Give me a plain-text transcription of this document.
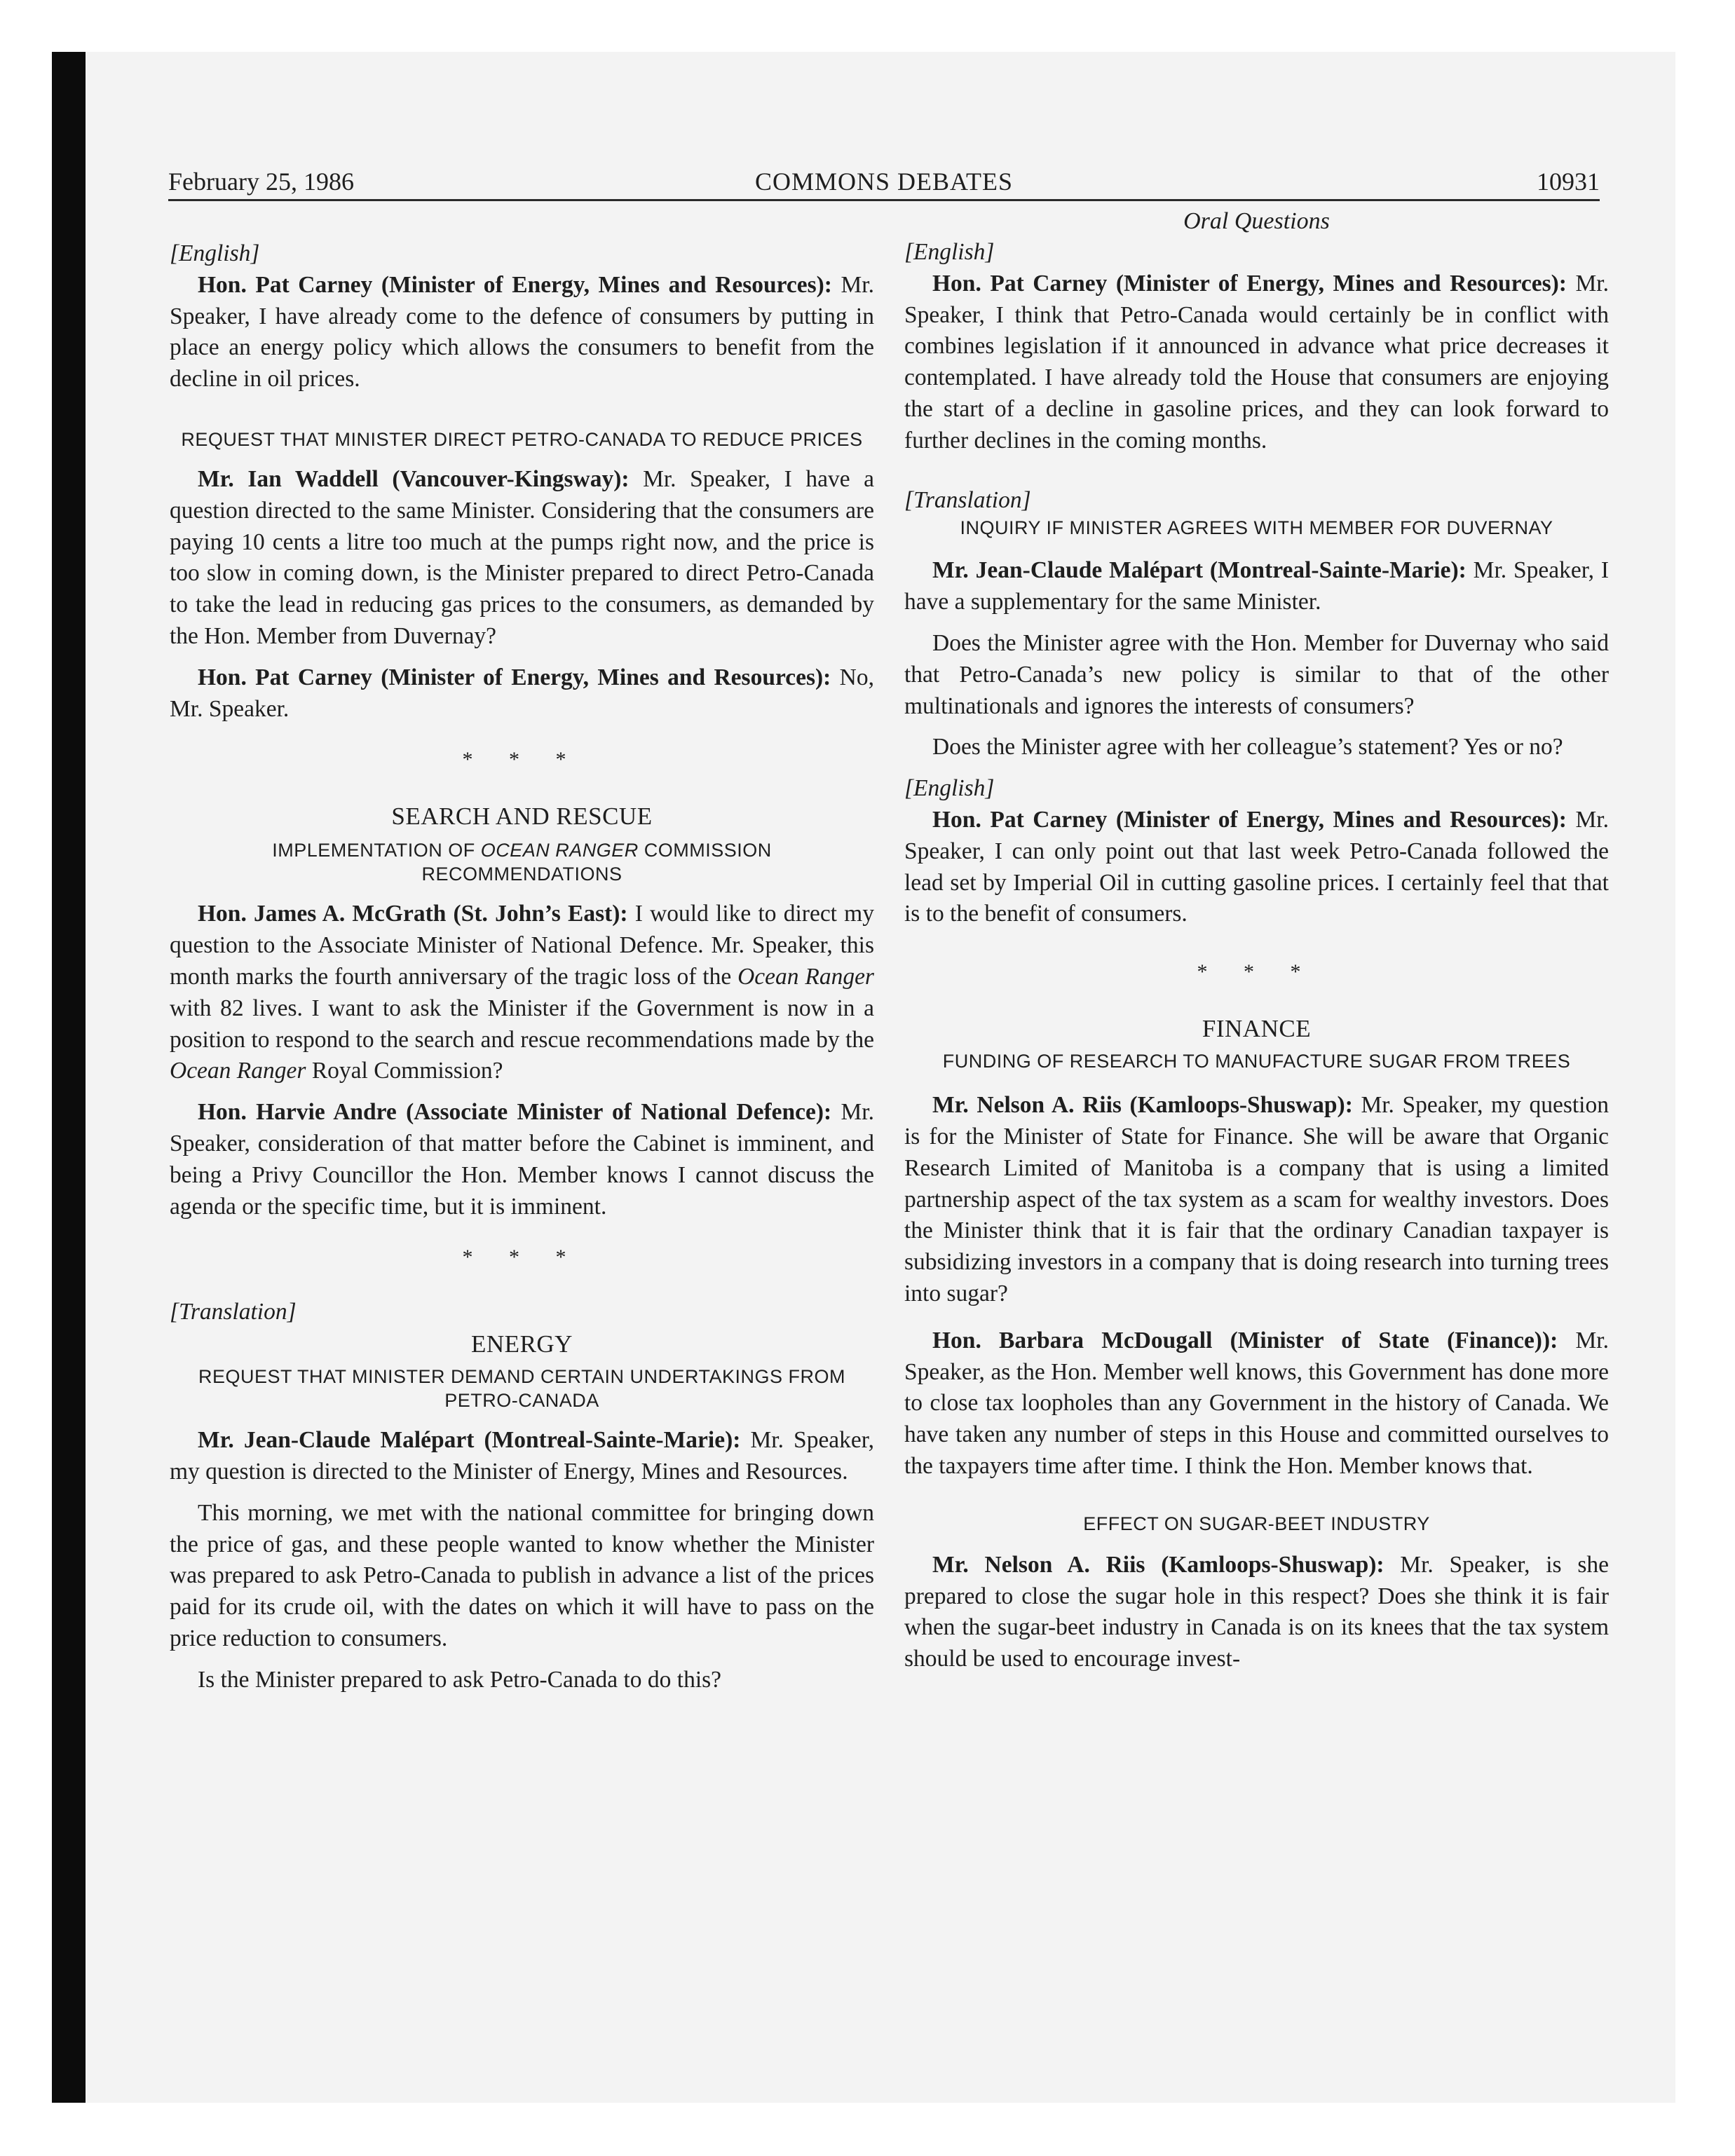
February 25, 1986	COMMONS DEBATES	10931

[English]

Hon. Pat Carney (Minister of Energy, Mines and Resources): Mr. Speaker, I have already come to the defence of consumers by putting in place an energy policy which allows the consumers to benefit from the decline in oil prices.

REQUEST THAT MINISTER DIRECT PETRO-CANADA TO REDUCE PRICES

Mr. Ian Waddell (Vancouver-Kingsway): Mr. Speaker, I have a question directed to the same Minister. Considering that the consumers are paying 10 cents a litre too much at the pumps right now, and the price is too slow in coming down, is the Minister prepared to direct Petro-Canada to take the lead in reducing gas prices to the consumers, as demanded by the Hon. Member from Duvernay?

Hon. Pat Carney (Minister of Energy, Mines and Resources): No, Mr. Speaker.

* * *

SEARCH AND RESCUE

IMPLEMENTATION OF OCEAN RANGER COMMISSION RECOMMENDATIONS

Hon. James A. McGrath (St. John’s East): I would like to direct my question to the Associate Minister of National Defence. Mr. Speaker, this month marks the fourth anniversary of the tragic loss of the Ocean Ranger with 82 lives. I want to ask the Minister if the Government is now in a position to respond to the search and rescue recommendations made by the Ocean Ranger Royal Commission?

Hon. Harvie Andre (Associate Minister of National Defence): Mr. Speaker, consideration of that matter before the Cabinet is imminent, and being a Privy Councillor the Hon. Member knows I cannot discuss the agenda or the specific time, but it is imminent.

* * *

[Translation]

ENERGY

REQUEST THAT MINISTER DEMAND CERTAIN UNDERTAKINGS FROM PETRO-CANADA

Mr. Jean-Claude Malépart (Montreal-Sainte-Marie): Mr. Speaker, my question is directed to the Minister of Energy, Mines and Resources.

This morning, we met with the national committee for bringing down the price of gas, and these people wanted to know whether the Minister was prepared to ask Petro-Canada to publish in advance a list of the prices paid for its crude oil, with the dates on which it will have to pass on the price reduction to consumers.

Is the Minister prepared to ask Petro-Canada to do this?

Oral Questions

[English]

Hon. Pat Carney (Minister of Energy, Mines and Resources): Mr. Speaker, I think that Petro-Canada would certainly be in conflict with combines legislation if it announced in advance what price decreases it contemplated. I have already told the House that consumers are enjoying the start of a decline in gasoline prices, and they can look forward to further declines in the coming months.

[Translation]

INQUIRY IF MINISTER AGREES WITH MEMBER FOR DUVERNAY

Mr. Jean-Claude Malépart (Montreal-Sainte-Marie): Mr. Speaker, I have a supplementary for the same Minister.

Does the Minister agree with the Hon. Member for Duvernay who said that Petro-Canada’s new policy is similar to that of the other multinationals and ignores the interests of consumers?

Does the Minister agree with her colleague’s statement? Yes or no?

[English]

Hon. Pat Carney (Minister of Energy, Mines and Resources): Mr. Speaker, I can only point out that last week Petro-Canada followed the lead set by Imperial Oil in cutting gasoline prices. I certainly feel that that is to the benefit of consumers.

* * *

FINANCE

FUNDING OF RESEARCH TO MANUFACTURE SUGAR FROM TREES

Mr. Nelson A. Riis (Kamloops-Shuswap): Mr. Speaker, my question is for the Minister of State for Finance. She will be aware that Organic Research Limited of Manitoba is a company that is using a limited partnership aspect of the tax system as a scam for wealthy investors. Does the Minister think that it is fair that the ordinary Canadian taxpayer is subsidizing investors in a company that is doing research into turning trees into sugar?

Hon. Barbara McDougall (Minister of State (Finance)): Mr. Speaker, as the Hon. Member well knows, this Government has done more to close tax loopholes than any Government in the history of Canada. We have taken any number of steps in this House and committed ourselves to the taxpayers time after time. I think the Hon. Member knows that.

EFFECT ON SUGAR-BEET INDUSTRY

Mr. Nelson A. Riis (Kamloops-Shuswap): Mr. Speaker, is she prepared to close the sugar hole in this respect? Does she think it is fair when the sugar-beet industry in Canada is on its knees that the tax system should be used to encourage invest-
